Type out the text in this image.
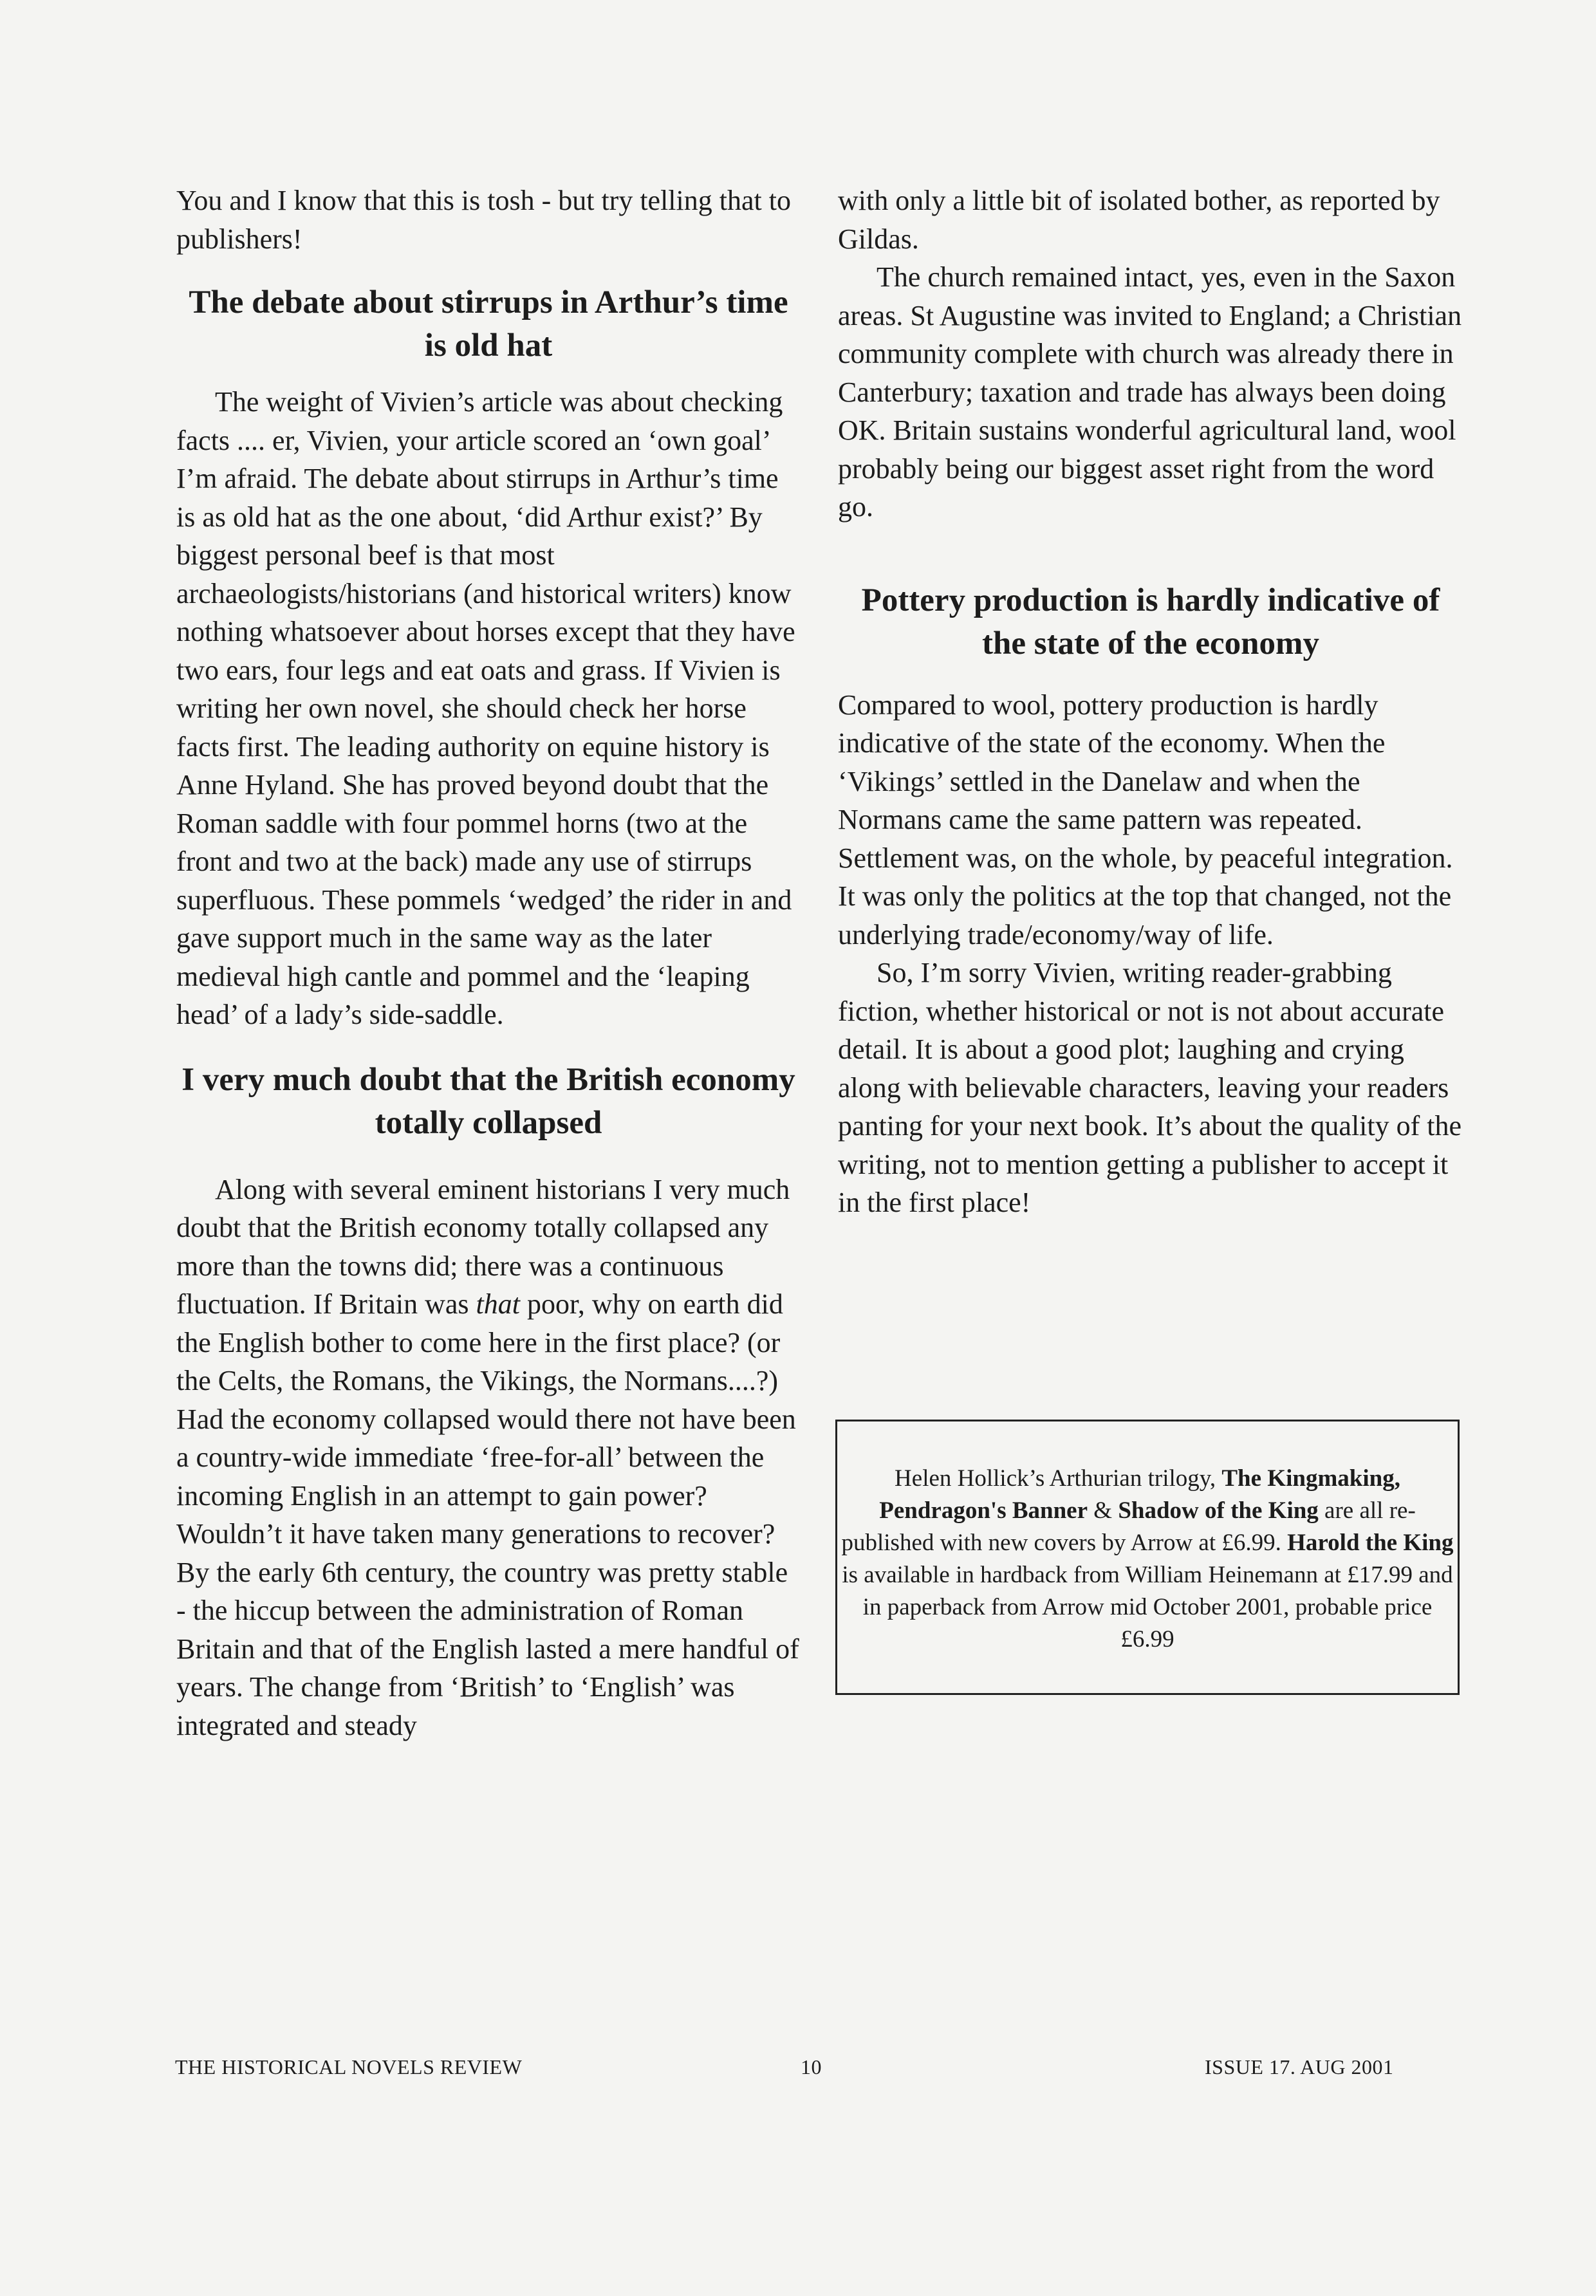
You and I know that this is tosh - but try telling that to publishers!

The debate about stirrups in Arthur’s time is old hat

The weight of Vivien’s article was about checking facts .... er, Vivien, your article scored an ‘own goal’ I’m afraid. The debate about stirrups in Arthur’s time is as old hat as the one about, ‘did Arthur exist?’ By biggest personal beef is that most archaeologists/historians (and historical writers) know nothing whatsoever about horses except that they have two ears, four legs and eat oats and grass. If Vivien is writing her own novel, she should check her horse facts first. The leading authority on equine history is Anne Hyland. She has proved beyond doubt that the Roman saddle with four pommel horns (two at the front and two at the back) made any use of stirrups superfluous. These pommels ‘wedged’ the rider in and gave support much in the same way as the later medieval high cantle and pommel and the ‘leaping head’ of a lady’s side-saddle.

I very much doubt that the British economy totally collapsed

Along with several eminent historians I very much doubt that the British economy totally collapsed any more than the towns did; there was a continuous fluctuation. If Britain was that poor, why on earth did the English bother to come here in the first place? (or the Celts, the Romans, the Vikings, the Normans....?) Had the economy collapsed would there not have been a country-wide immediate ‘free-for-all’ between the incoming English in an attempt to gain power? Wouldn’t it have taken many generations to recover? By the early 6th century, the country was pretty stable - the hiccup between the administration of Roman Britain and that of the English lasted a mere handful of years. The change from ‘British’ to ‘English’ was integrated and steady

with only a little bit of isolated bother, as reported by Gildas.

The church remained intact, yes, even in the Saxon areas. St Augustine was invited to England; a Christian community complete with church was already there in Canterbury; taxation and trade has always been doing OK. Britain sustains wonderful agricultural land, wool probably being our biggest asset right from the word go.

Pottery production is hardly indicative of the state of the economy

Compared to wool, pottery production is hardly indicative of the state of the economy. When the ‘Vikings’ settled in the Danelaw and when the Normans came the same pattern was repeated. Settlement was, on the whole, by peaceful integration. It was only the politics at the top that changed, not the underlying trade/economy/way of life.

So, I’m sorry Vivien, writing reader-grabbing fiction, whether historical or not is not about accurate detail. It is about a good plot; laughing and crying along with believable characters, leaving your readers panting for your next book. It’s about the quality of the writing, not to mention getting a publisher to accept it in the first place!

Helen Hollick’s Arthurian trilogy, The Kingmaking, Pendragon's Banner & Shadow of the King are all re-published with new covers by Arrow at £6.99. Harold the King is available in hardback from William Heinemann at £17.99 and in paperback from Arrow mid October 2001, probable price £6.99

THE HISTORICAL NOVELS REVIEW	10	ISSUE 17. AUG 2001
